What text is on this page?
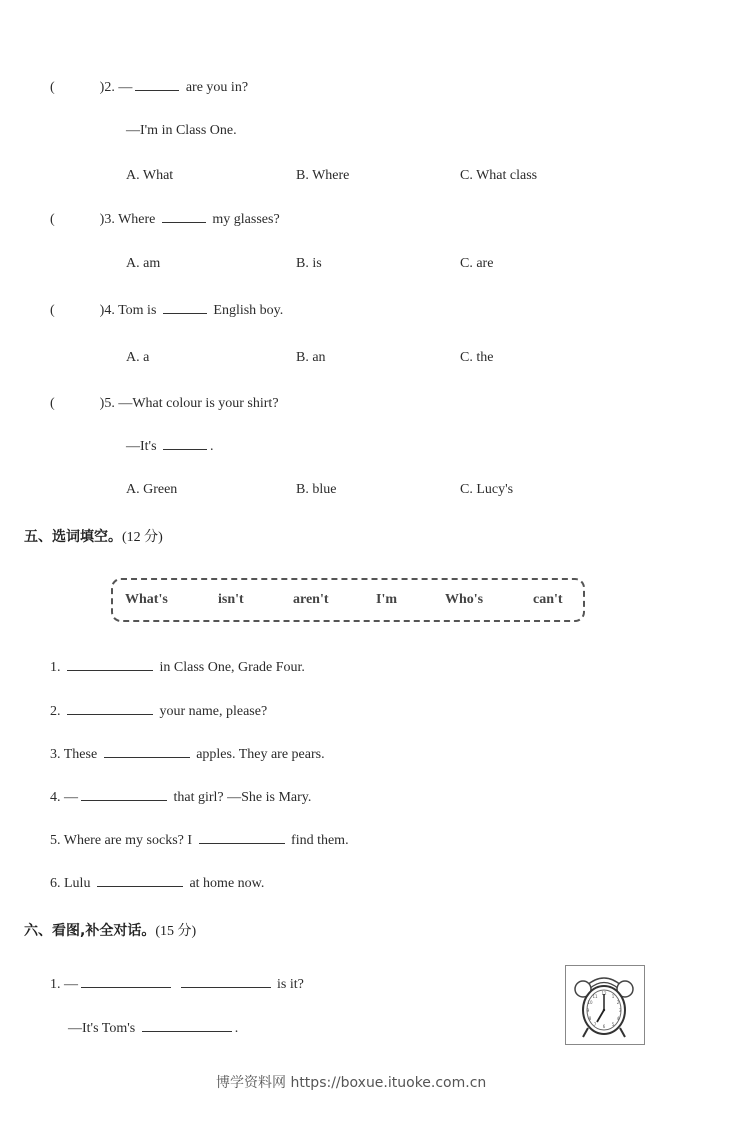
(	)2. —	are you in?
—I'm in Class One.
A. What	B. Where	C. What class
(	)3. Where	my glasses?
A. am	B. is	C. are
(	)4. Tom is	English boy.
A. a	B. an	C. the
(	)5. —What colour is your shirt?
—It's	.
A. Green	B. blue	C. Lucy's
五、选词填空。(12 分)
What's	isn't	aren't	I'm	Who's	can't
1.	in Class One, Grade Four.
2.	your name, please?
3. These	apples. They are pears.
4. —	that girl? —She is Mary.
5. Where are my socks? I	find them.
6. Lulu	at home now.
六、看图,补全对话。(15 分)
1. —	is it?
—It's Tom's	.
12
1
2
3
4
5
6
7
8
9
10
11
博学资料网 https://boxue.ituoke.com.cn
